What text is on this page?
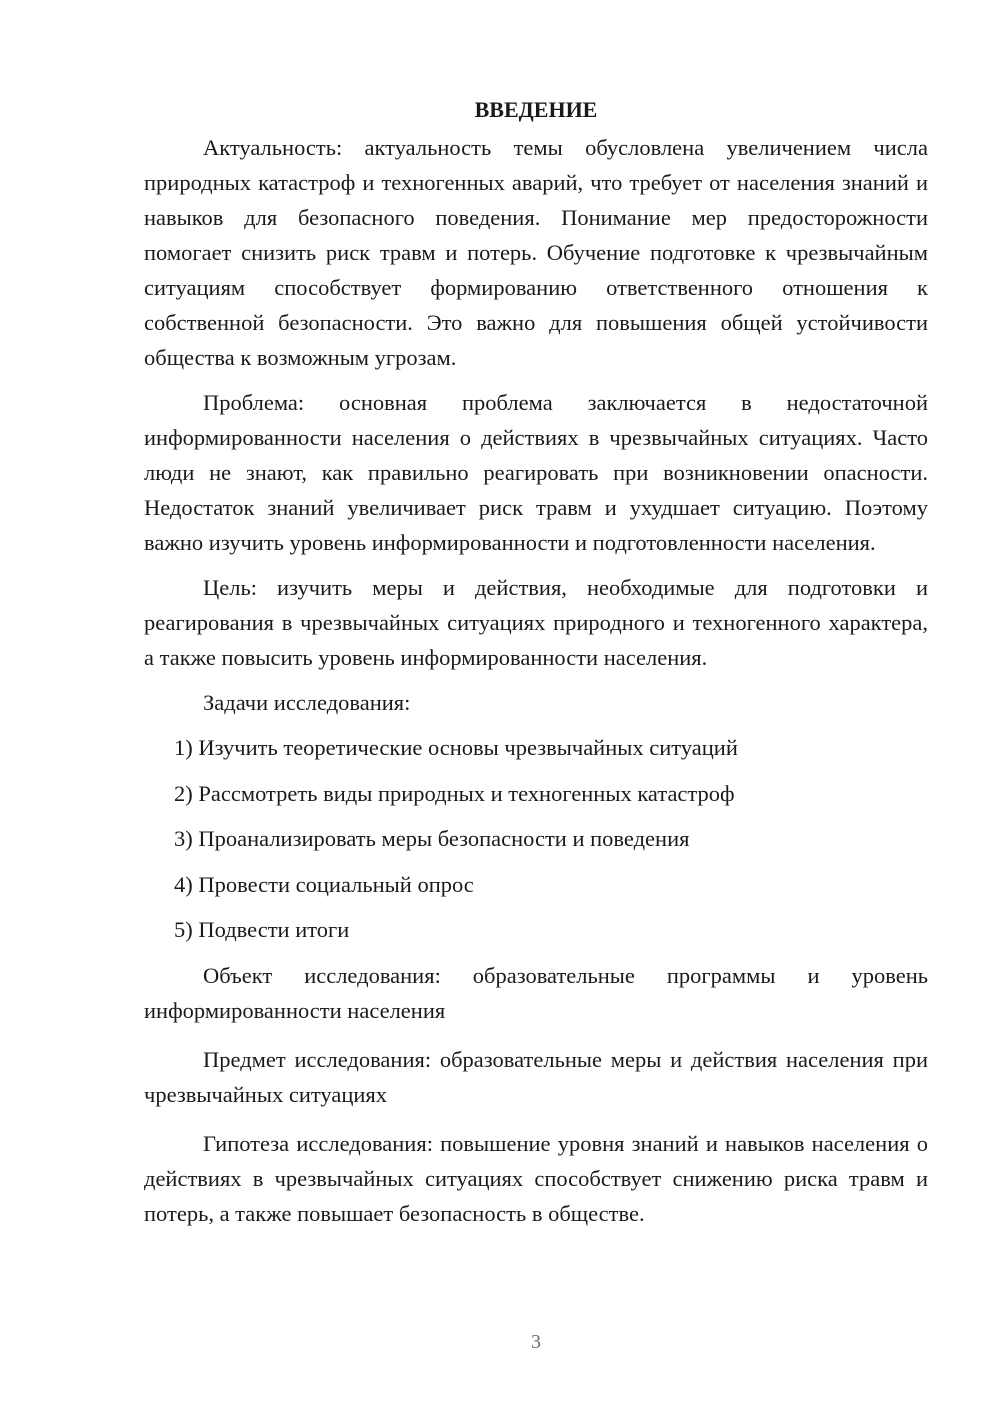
ВВЕДЕНИЕ

Актуальность: актуальность темы обусловлена увеличением числа природных катастроф и техногенных аварий, что требует от населения знаний и навыков для безопасного поведения. Понимание мер предосторожности помогает снизить риск травм и потерь. Обучение подготовке к чрезвычайным ситуациям способствует формированию ответственного отношения к собственной безопасности. Это важно для повышения общей устойчивости общества к возможным угрозам.

Проблема: основная проблема заключается в недостаточной информированности населения о действиях в чрезвычайных ситуациях. Часто люди не знают, как правильно реагировать при возникновении опасности. Недостаток знаний увеличивает риск травм и ухудшает ситуацию. Поэтому важно изучить уровень информированности и подготовленности населения.

Цель: изучить меры и действия, необходимые для подготовки и реагирования в чрезвычайных ситуациях природного и техногенного характера, а также повысить уровень информированности населения.

Задачи исследования:

1) Изучить теоретические основы чрезвычайных ситуаций
2) Рассмотреть виды природных и техногенных катастроф
3) Проанализировать меры безопасности и поведения
4) Провести социальный опрос
5) Подвести итоги

Объект исследования: образовательные программы и уровень информированности населения

Предмет исследования: образовательные меры и действия населения при чрезвычайных ситуациях

Гипотеза исследования: повышение уровня знаний и навыков населения о действиях в чрезвычайных ситуациях способствует снижению риска травм и потерь, а также повышает безопасность в обществе.

3
